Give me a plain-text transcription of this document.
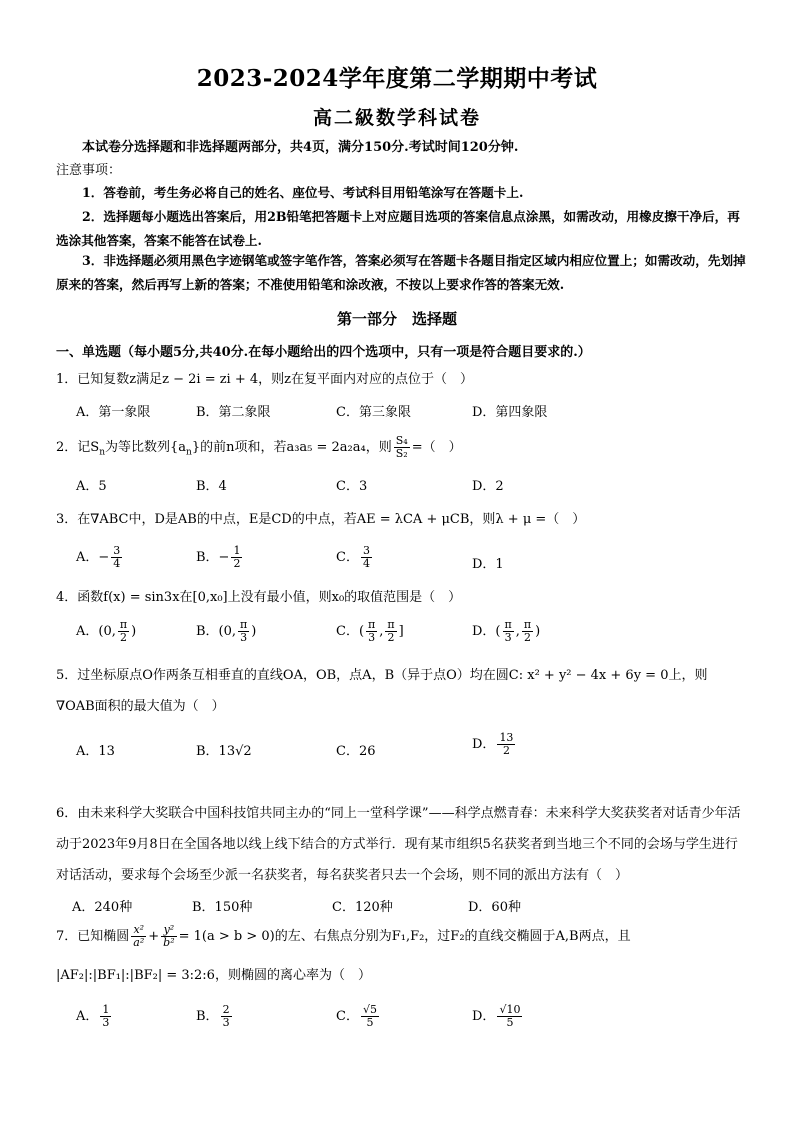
2023-2024学年度第二学期期中考试
高二級数学科试卷
本试卷分选择题和非选择题两部分，共4页，满分150分.考试时间120分钟.
注意事项：
1．答卷前，考生务必将自己的姓名、座位号、考试科目用铅笔涂写在答题卡上.
2．选择题每小题选出答案后，用2B铅笔把答题卡上对应题目选项的答案信息点涂黑，如需改动，用橡皮擦干净后，再选涂其他答案，答案不能答在试卷上.
3．非选择题必须用黑色字迹钢笔或签字笔作答，答案必须写在答题卡各题目指定区域内相应位置上；如需改动，先划掉原来的答案，然后再写上新的答案；不准使用铅笔和涂改液，不按以上要求作答的答案无效.
第一部分　选择题
一、单选题（每小题5分,共40分.在每小题给出的四个选项中，只有一项是符合题目要求的.）
1．已知复数z满足z − 2i = zi + 4，则z在复平面内对应的点位于（　）
A．第一象限	B．第二象限	C．第三象限	D．第四象限
2．记$S_n$为等比数列$\{a_n\}$的前n项和，若a₃a₅ = 2a₂a₄，则 $\frac{\text{S₄}}{\text{S₂}}$ =（　）
A．5	B．4	C．3	D．2
3．在∇ABC中，D是AB的中点，E是CD的中点，若AE = λCA + μCB，则λ + μ =（　）
A．− $\frac{3}{4}$	B．− $\frac{1}{2}$	C． $\frac{3}{4}$	D．1
4．函数f(x) = sin3x在[0,x₀]上没有最小值，则x₀的取值范围是（　）
A．(0, $\frac{\pi}{2}$ )	B．(0, $\frac{\pi}{3}$ )	C．( $\frac{\pi}{3}$ , $\frac{\pi}{2}$ ]	D．( $\frac{\pi}{3}$ , $\frac{\pi}{2}$ )
5．过坐标原点O作两条互相垂直的直线OA，OB，点A，B（异于点O）均在圆C: x² + y² − 4x + 6y = 0上，则∇OAB面积的最大值为（　）
A．13	B．13√2	C．26	D． $\frac{13}{2}$
6．由未来科学大奖联合中国科技馆共同主办的“同上一堂科学课”——科学点燃青春：未来科学大奖获奖者对话青少年活动于2023年9月8日在全国各地以线上线下结合的方式举行．现有某市组织5名获奖者到当地三个不同的会场与学生进行对话活动，要求每个会场至少派一名获奖者，每名获奖者只去一个会场，则不同的派出方法有（　）
A．240种	B．150种	C．120种	D．60种
7．已知椭圆 $\frac{\text{x²}}{\text{a²}} + \frac{\text{y²}}{\text{b²}} = 1(a > b > 0)$的左、右焦点分别为F₁,F₂，过F₂的直线交椭圆于A,B两点，且
|AF₂|:|BF₁|:|BF₂| = 3:2:6，则椭圆的离心率为（　）
A． $\frac{1}{3}$	B． $\frac{2}{3}$	C． $\frac{√5}{5}$	D． $\frac{√10}{5}$
